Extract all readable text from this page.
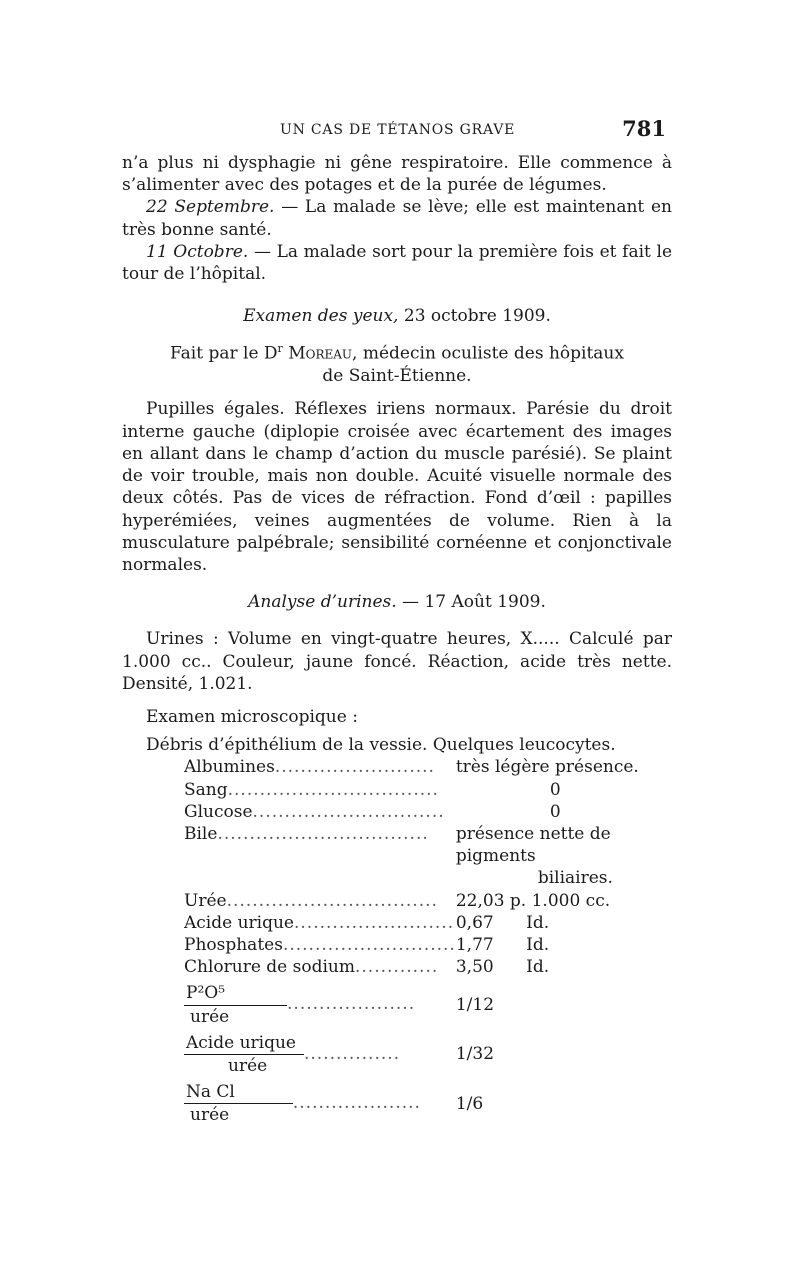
UN CAS DE TÉTANOS GRAVE	781

n’a plus ni dysphagie ni gêne respiratoire. Elle commence à s’alimenter avec des potages et de la purée de légumes.

22 Septembre. — La malade se lève; elle est maintenant en très bonne santé.

11 Octobre. — La malade sort pour la première fois et fait le tour de l’hôpital.

Examen des yeux, 23 octobre 1909.

Fait par le $D^r$ Moreau, médecin oculiste des hôpitaux

de Saint-Étienne.

Pupilles égales. Réflexes iriens normaux. Parésie du droit interne gauche (diplopie croisée avec écartement des images en allant dans le champ d’action du muscle parésié). Se plaint de voir trouble, mais non double. Acuité visuelle normale des deux côtés. Pas de vices de réfraction. Fond d’œil : papilles hyperémiées, veines augmentées de volume. Rien à la musculature palpébrale; sensibilité cornéenne et conjonctivale normales.

Analyse d’urines. — 17 Août 1909.

Urines : Volume en vingt-quatre heures, X..... Calculé par 1.000 cc.. Couleur, jaune foncé. Réaction, acide très nette. Densité, 1.021.

Examen microscopique :

Débris d’épithélium de la vessie. Quelques leucocytes.

Albumines.........................	très légère présence.
Sang.................................	0
Glucose..............................	0
Bile.................................	présence nette de pigments
biliaires.

Urée.................................	22,03 p. 1.000 cc.
Acide urique.........................	0,67      Id.
Phosphates...........................	1,77      Id.
Chlorure de sodium.............	3,50      Id.

$\frac{\text{P²O⁵}}{\text{urée}}$ ....................	1/12

$\frac{\text{Acide urique}}{\text{urée}}$ ...............	1/32

$\frac{\text{Na Cl}}{\text{urée}}$ ....................	1/6
